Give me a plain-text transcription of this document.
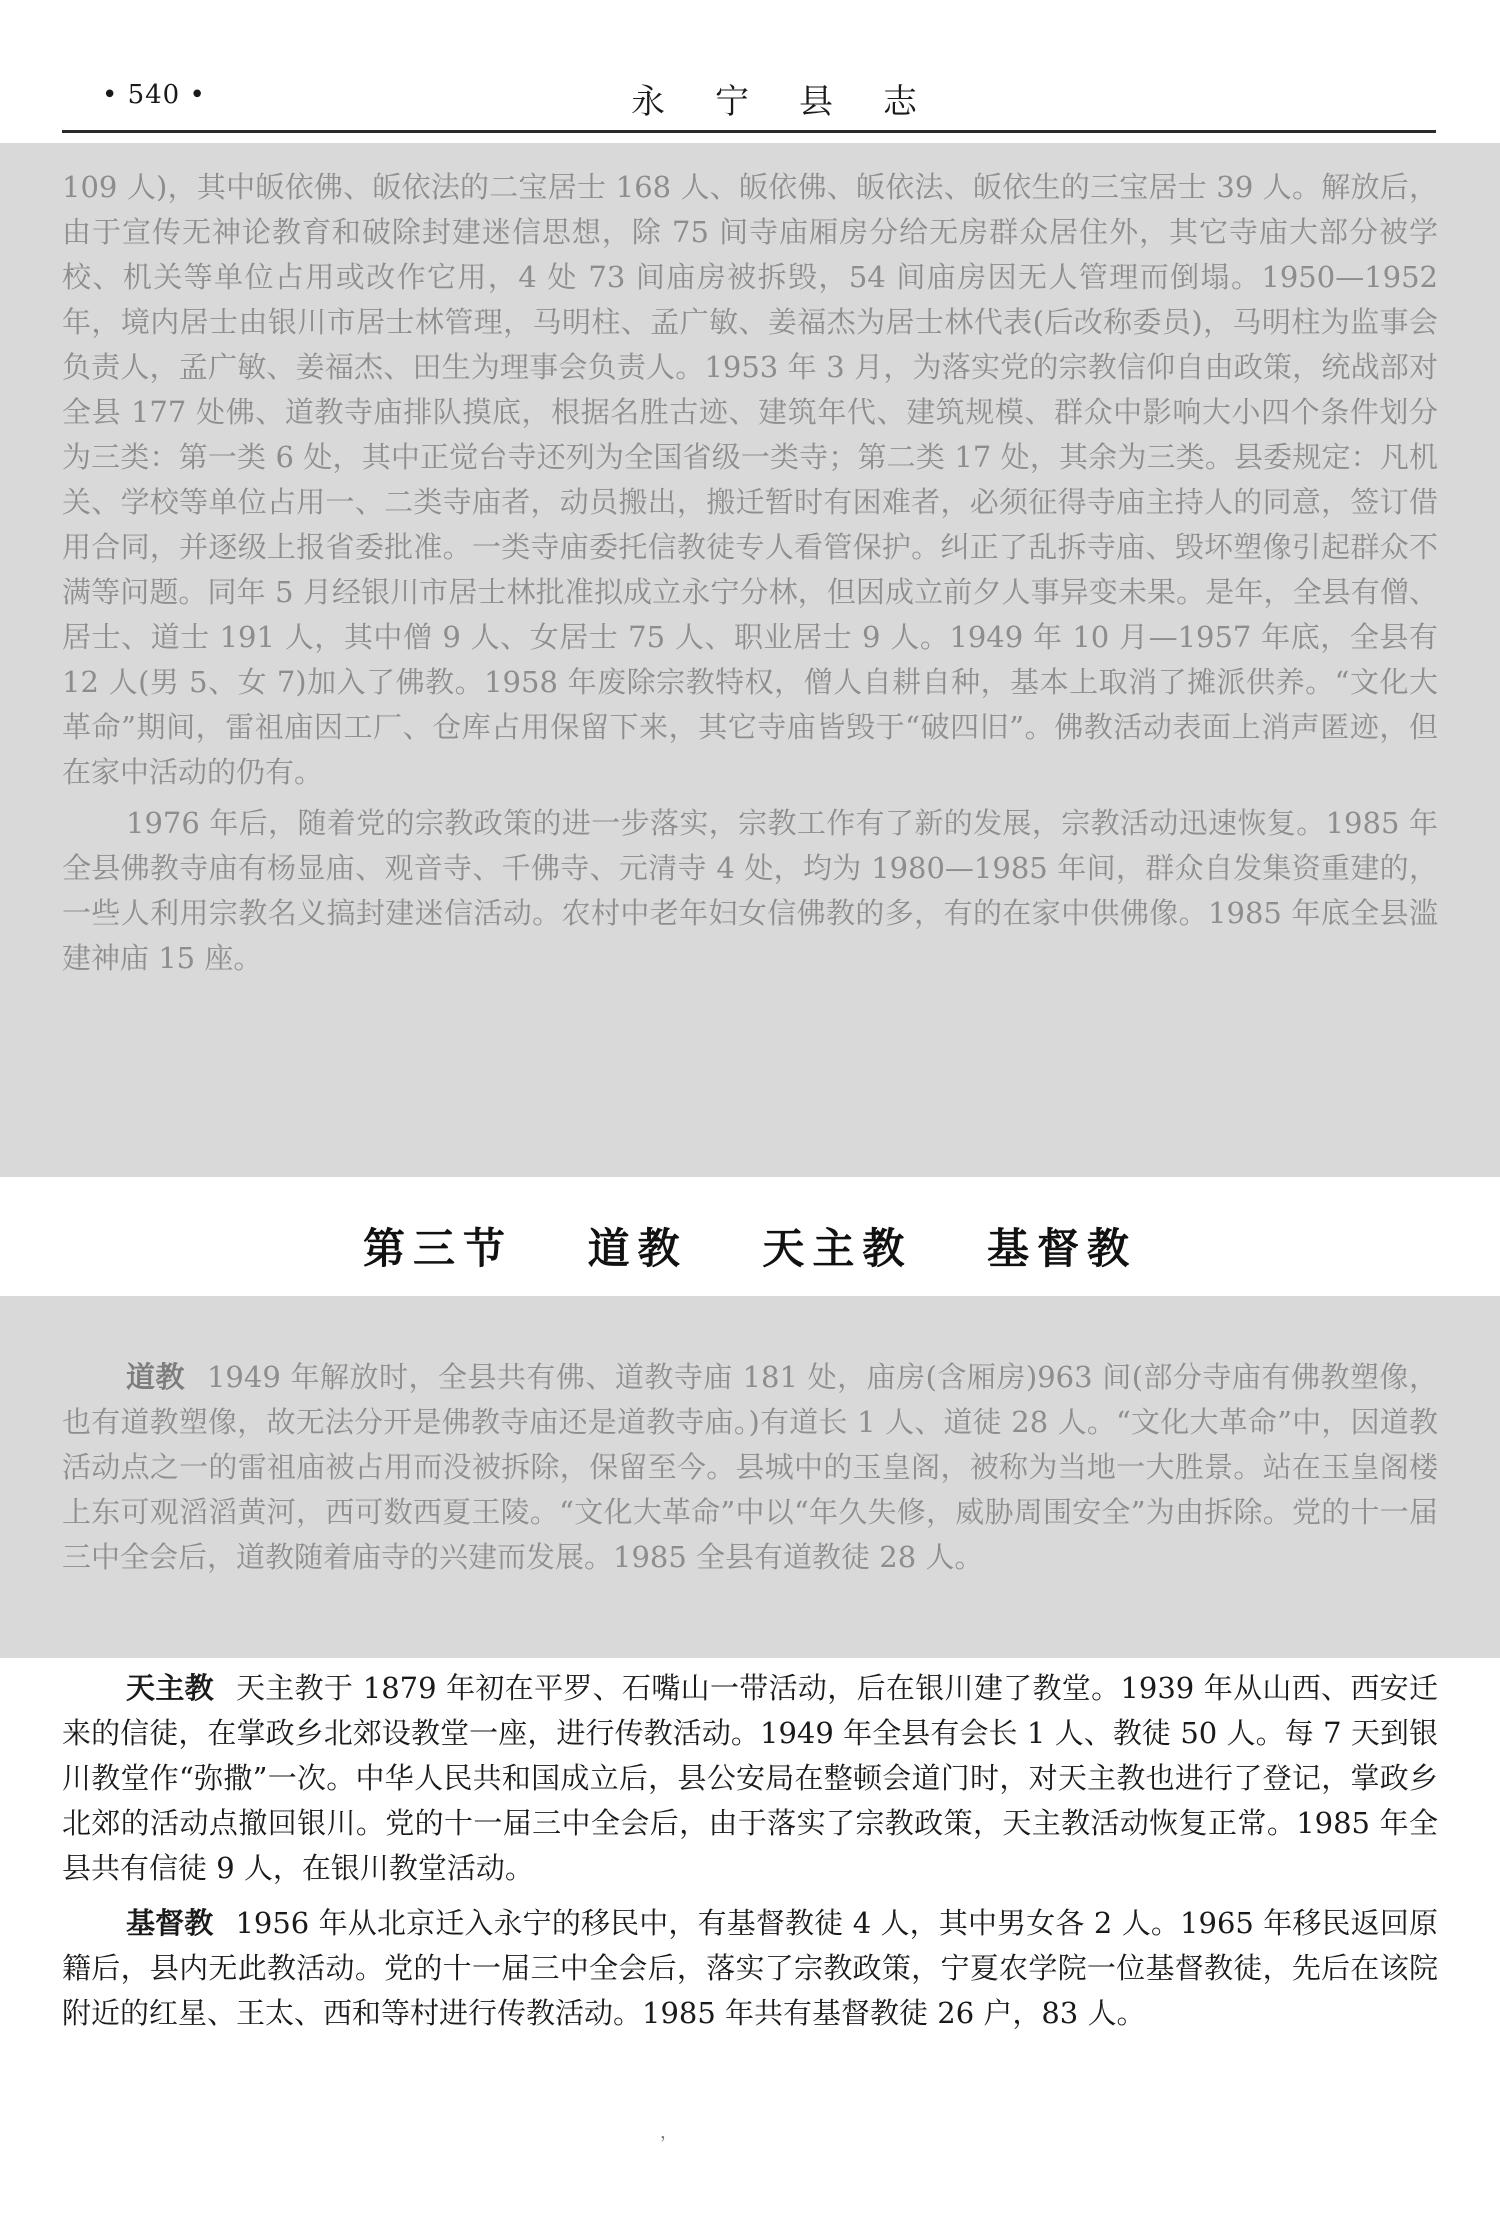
• 540 •	永宁县志

109 人)，其中皈依佛、皈依法的二宝居士 168 人、皈依佛、皈依法、皈依生的三宝居士 39 人。解放后，由于宣传无神论教育和破除封建迷信思想，除 75 间寺庙厢房分给无房群众居住外，其它寺庙大部分被学校、机关等单位占用或改作它用，4 处 73 间庙房被拆毁，54 间庙房因无人管理而倒塌。1950—1952 年，境内居士由银川市居士林管理，马明柱、孟广敏、姜福杰为居士林代表(后改称委员)，马明柱为监事会负责人，孟广敏、姜福杰、田生为理事会负责人。1953 年 3 月，为落实党的宗教信仰自由政策，统战部对全县 177 处佛、道教寺庙排队摸底，根据名胜古迹、建筑年代、建筑规模、群众中影响大小四个条件划分为三类：第一类 6 处，其中正觉台寺还列为全国省级一类寺；第二类 17 处，其余为三类。县委规定：凡机关、学校等单位占用一、二类寺庙者，动员搬出，搬迁暂时有困难者，必须征得寺庙主持人的同意，签订借用合同，并逐级上报省委批准。一类寺庙委托信教徒专人看管保护。纠正了乱拆寺庙、毁坏塑像引起群众不满等问题。同年 5 月经银川市居士林批准拟成立永宁分林，但因成立前夕人事异变未果。是年，全县有僧、居士、道士 191 人，其中僧 9 人、女居士 75 人、职业居士 9 人。1949 年 10 月—1957 年底，全县有 12 人(男 5、女 7)加入了佛教。1958 年废除宗教特权，僧人自耕自种，基本上取消了摊派供养。“文化大革命”期间，雷祖庙因工厂、仓库占用保留下来，其它寺庙皆毁于“破四旧”。佛教活动表面上消声匿迹，但在家中活动的仍有。

1976 年后，随着党的宗教政策的进一步落实，宗教工作有了新的发展，宗教活动迅速恢复。1985 年全县佛教寺庙有杨显庙、观音寺、千佛寺、元清寺 4 处，均为 1980—1985 年间，群众自发集资重建的，一些人利用宗教名义搞封建迷信活动。农村中老年妇女信佛教的多，有的在家中供佛像。1985 年底全县滥建神庙 15 座。

第三节 道教 天主教 基督教

道教 1949 年解放时，全县共有佛、道教寺庙 181 处，庙房(含厢房)963 间(部分寺庙有佛教塑像，也有道教塑像，故无法分开是佛教寺庙还是道教寺庙。)有道长 1 人、道徒 28 人。“文化大革命”中，因道教活动点之一的雷祖庙被占用而没被拆除，保留至今。县城中的玉皇阁，被称为当地一大胜景。站在玉皇阁楼上东可观滔滔黄河，西可数西夏王陵。“文化大革命”中以“年久失修，威胁周围安全”为由拆除。党的十一届三中全会后，道教随着庙寺的兴建而发展。1985 全县有道教徒 28 人。

天主教 天主教于 1879 年初在平罗、石嘴山一带活动，后在银川建了教堂。1939 年从山西、西安迁来的信徒，在掌政乡北郊设教堂一座，进行传教活动。1949 年全县有会长 1 人、教徒 50 人。每 7 天到银川教堂作“弥撒”一次。中华人民共和国成立后，县公安局在整顿会道门时，对天主教也进行了登记，掌政乡北郊的活动点撤回银川。党的十一届三中全会后，由于落实了宗教政策，天主教活动恢复正常。1985 年全县共有信徒 9 人，在银川教堂活动。

基督教 1956 年从北京迁入永宁的移民中，有基督教徒 4 人，其中男女各 2 人。1965 年移民返回原籍后，县内无此教活动。党的十一届三中全会后，落实了宗教政策，宁夏农学院一位基督教徒，先后在该院附近的红星、王太、西和等村进行传教活动。1985 年共有基督教徒 26 户，83 人。

，
